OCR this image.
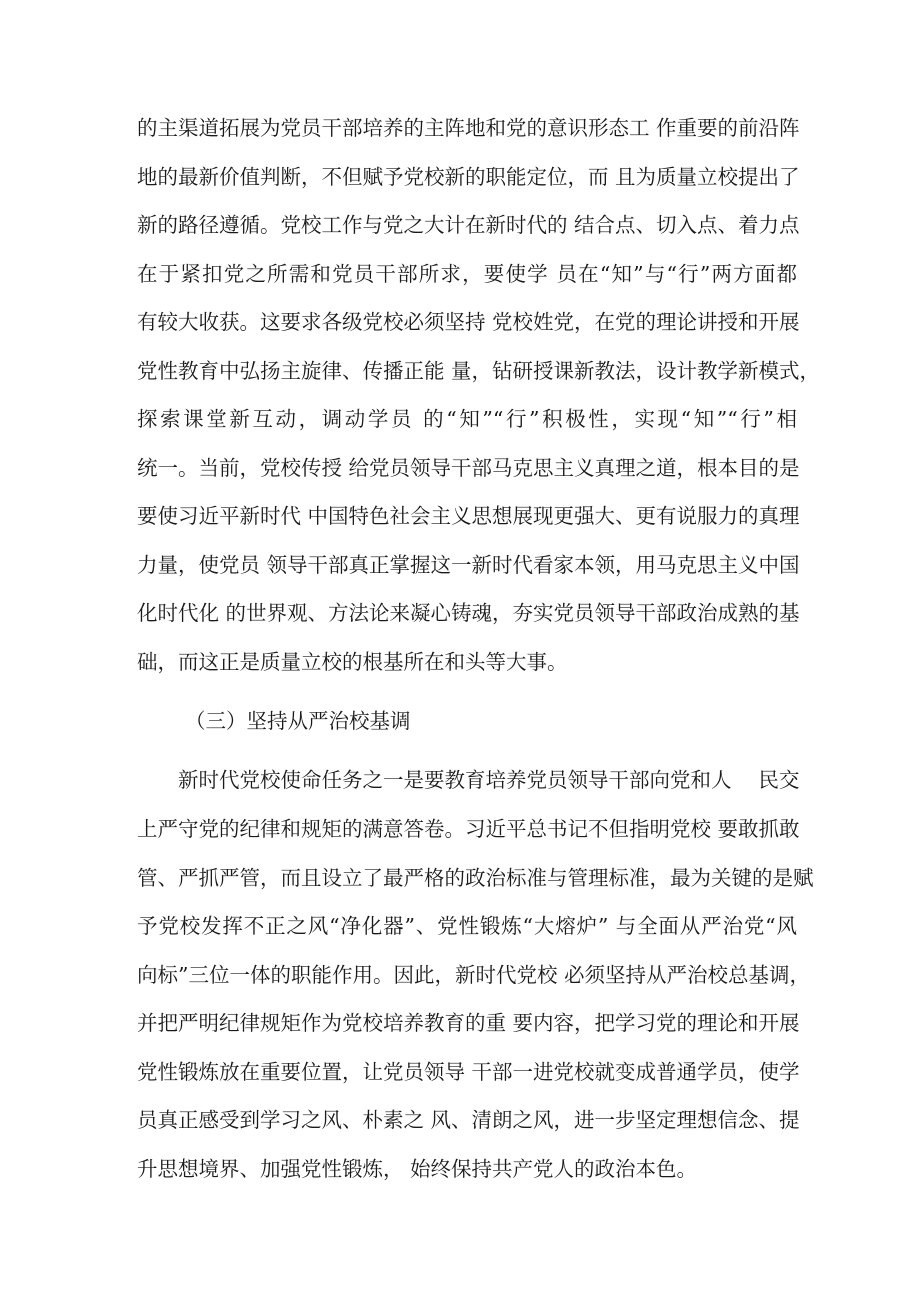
的主渠道拓展为党员干部培养的主阵地和党的意识形态工 作重要的前沿阵
地的最新价值判断，不但赋予党校新的职能定位，而 且为质量立校提出了
新的路径遵循。党校工作与党之大计在新时代的 结合点、切入点、着力点
在于紧扣党之所需和党员干部所求，要使学 员在“知”与“行”两方面都
有较大收获。这要求各级党校必须坚持 党校姓党，在党的理论讲授和开展
党性教育中弘扬主旋律、传播正能 量，钻研授课新教法，设计教学新模式，
探索课堂新互动，调动学员 的“知”“行”积极性，实现“知”“行”相
统一。当前，党校传授 给党员领导干部马克思主义真理之道，根本目的是
要使习近平新时代 中国特色社会主义思想展现更强大、更有说服力的真理
力量，使党员 领导干部真正掌握这一新时代看家本领，用马克思主义中国
化时代化 的世界观、方法论来凝心铸魂，夯实党员领导干部政治成熟的基
础，而这正是质量立校的根基所在和头等大事。
（三）坚持从严治校基调
新时代党校使命任务之一是要教育培养党员领导干部向党和人　 民交
上严守党的纪律和规矩的满意答卷。习近平总书记不但指明党校 要敢抓敢
管、严抓严管，而且设立了最严格的政治标准与管理标准，最为关键的是赋
予党校发挥不正之风“净化器”、党性锻炼“大熔炉” 与全面从严治党“风
向标”三位一体的职能作用。因此，新时代党校 必须坚持从严治校总基调，
并把严明纪律规矩作为党校培养教育的重 要内容，把学习党的理论和开展
党性锻炼放在重要位置，让党员领导 干部一进党校就变成普通学员，使学
员真正感受到学习之风、朴素之 风、清朗之风，进一步坚定理想信念、提
升思想境界、加强党性锻炼， 始终保持共产党人的政治本色。
